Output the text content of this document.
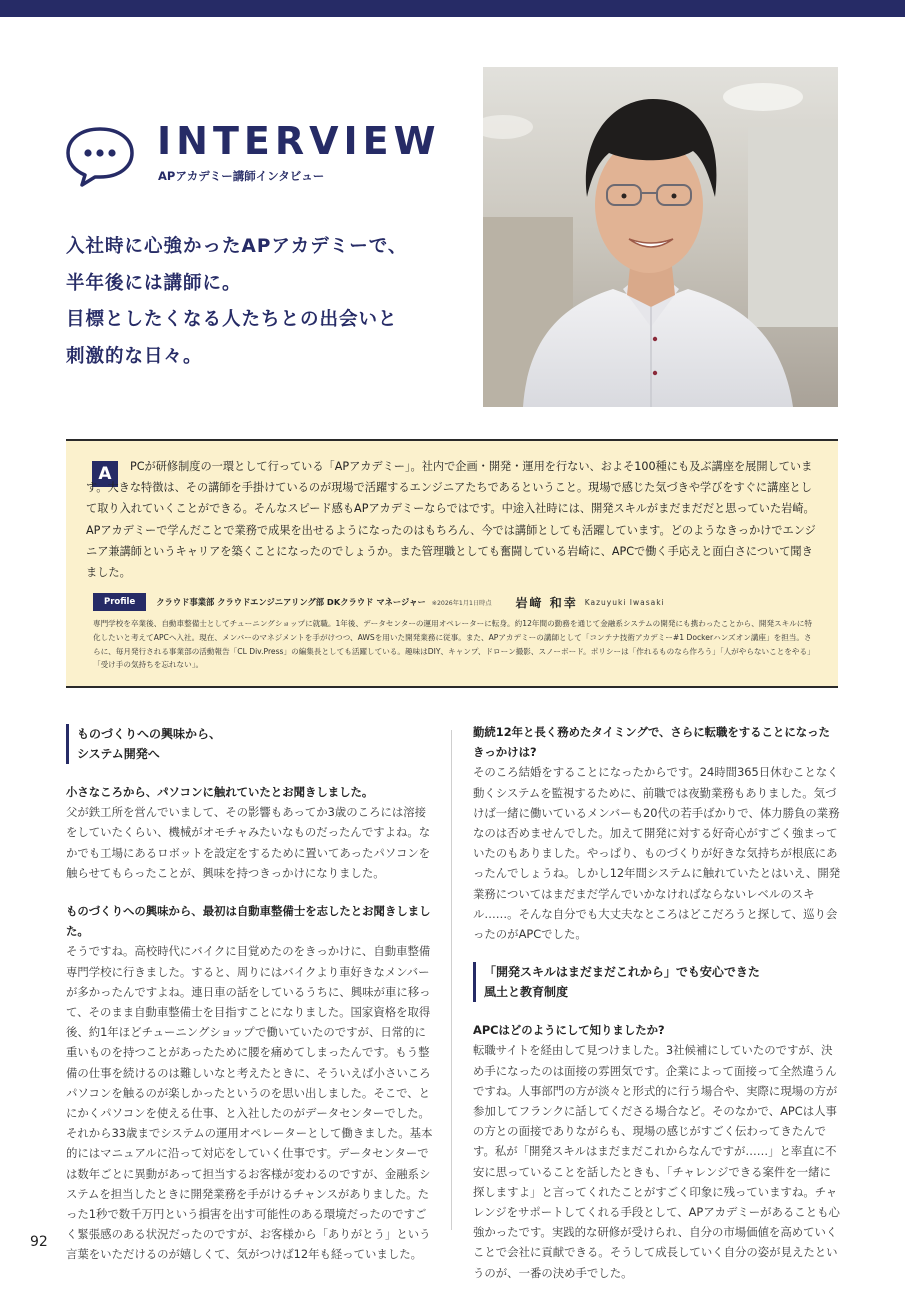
INTERVIEW
APアカデミー講師インタビュー
入社時に心強かったAPアカデミーで、
半年後には講師に。
目標としたくなる人たちとの出会いと
刺激的な日々。
A	PCが研修制度の一環として行っている「APアカデミー」。社内で企画・開発・運用を行ない、およそ100種にも及ぶ講座を展開しています。大きな特徴は、その講師を手掛けているのが現場で活躍するエンジニアたちであるということ。現場で感じた気づきや学びをすぐに講座として取り入れていくことができる。そんなスピード感もAPアカデミーならではです。中途入社時には、開発スキルがまだまだだと思っていた岩崎。APアカデミーで学んだことで業務で成果を出せるようになったのはもちろん、今では講師としても活躍しています。どのようなきっかけでエンジニア兼講師というキャリアを築くことになったのでしょうか。また管理職としても奮闘している岩崎に、APCで働く手応えと面白さについて聞きました。

Profile	クラウド事業部 クラウドエンジニアリング部 DKクラウド マネージャー ※2026年1月1日時点 岩﨑 和幸 Kazuyuki Iwasaki

専門学校を卒業後、自動車整備士としてチューニングショップに就職。1年後、データセンターの運用オペレーターに転身。約12年間の勤務を通じて金融系システムの開発にも携わったことから、開発スキルに特化したいと考えてAPCへ入社。現在、メンバーのマネジメントを手がけつつ、AWSを用いた開発業務に従事。また、APアカデミーの講師として「コンテナ技術アカデミー#1 Dockerハンズオン講座」を担当。さらに、毎月発行される事業部の活動報告「CL Div.Press」の編集長としても活躍している。趣味はDIY、キャンプ、ドローン撮影、スノーボード。ポリシーは「作れるものなら作ろう」「人がやらないことをやる」「受け手の気持ちを忘れない」。

ものづくりへの興味から、
システム開発へ

小さなころから、パソコンに触れていたとお聞きしました。

父が鉄工所を営んでいまして、その影響もあってか3歳のころには溶接をしていたくらい、機械がオモチャみたいなものだったんですよね。なかでも工場にあるロボットを設定をするために置いてあったパソコンを触らせてもらったことが、興味を持つきっかけになりました。

ものづくりへの興味から、最初は自動車整備士を志したとお聞きしました。

そうですね。高校時代にバイクに目覚めたのをきっかけに、自動車整備専門学校に行きました。すると、周りにはバイクより車好きなメンバーが多かったんですよね。連日車の話をしているうちに、興味が車に移って、そのまま自動車整備士を目指すことになりました。国家資格を取得後、約1年ほどチューニングショップで働いていたのですが、日常的に重いものを持つことがあったために腰を痛めてしまったんです。もう整備の仕事を続けるのは難しいなと考えたときに、そういえば小さいころパソコンを触るのが楽しかったというのを思い出しました。そこで、とにかくパソコンを使える仕事、と入社したのがデータセンターでした。それから33歳までシステムの運用オペレーターとして働きました。基本的にはマニュアルに沿って対応をしていく仕事です。データセンターでは数年ごとに異動があって担当するお客様が変わるのですが、金融系システムを担当したときに開発業務を手がけるチャンスがありました。たった1秒で数千万円という損害を出す可能性のある環境だったのですごく緊張感のある状況だったのですが、お客様から「ありがとう」という言葉をいただけるのが嬉しくて、気がつけば12年も経っていました。

勤続12年と長く務めたタイミングで、さらに転職をすることになったきっかけは?

そのころ結婚をすることになったからです。24時間365日休むことなく動くシステムを監視するために、前職では夜勤業務もありました。気づけば一緒に働いているメンバーも20代の若手ばかりで、体力勝負の業務なのは否めませんでした。加えて開発に対する好奇心がすごく強まっていたのもありました。やっぱり、ものづくりが好きな気持ちが根底にあったんでしょうね。しかし12年間システムに触れていたとはいえ、開発業務についてはまだまだ学んでいかなければならないレベルのスキル……。そんな自分でも大丈夫なところはどこだろうと探して、巡り会ったのがAPCでした。

「開発スキルはまだまだこれから」でも安心できた
風土と教育制度

APCはどのようにして知りましたか?

転職サイトを経由して見つけました。3社候補にしていたのですが、決め手になったのは面接の雰囲気です。企業によって面接って全然違うんですね。人事部門の方が淡々と形式的に行う場合や、実際に現場の方が参加してフランクに話してくださる場合など。そのなかで、APCは人事の方との面接でありながらも、現場の感じがすごく伝わってきたんです。私が「開発スキルはまだまだこれからなんですが……」と率直に不安に思っていることを話したときも、「チャレンジできる案件を一緒に探しますよ」と言ってくれたことがすごく印象に残っていますね。チャレンジをサポートしてくれる手段として、APアカデミーがあることも心強かったです。実践的な研修が受けられ、自分の市場価値を高めていくことで会社に貢献できる。そうして成長していく自分の姿が見えたというのが、一番の決め手でした。

92
